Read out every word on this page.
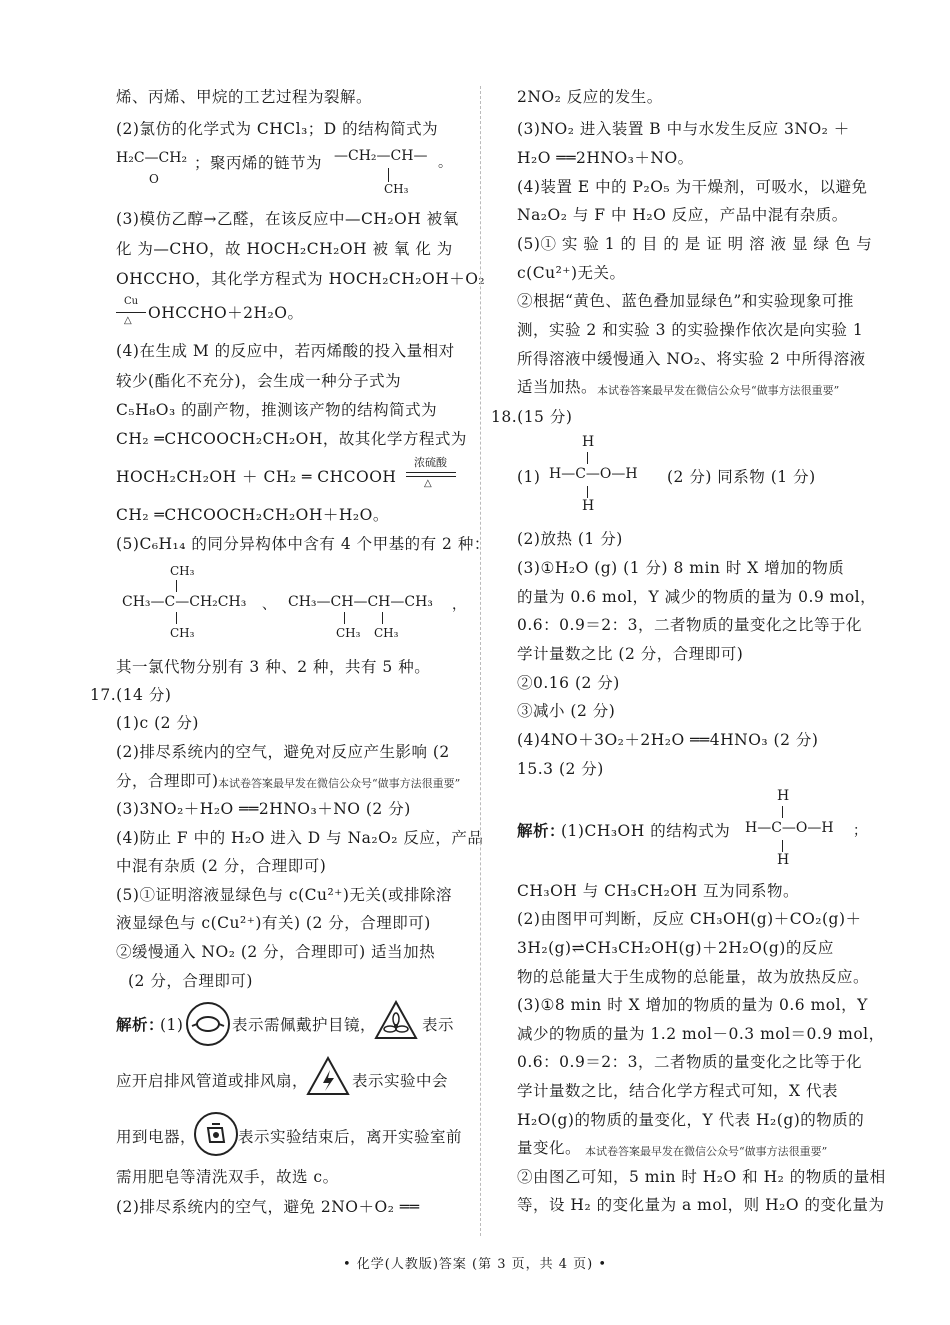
烯、丙烯、甲烷的工艺过程为裂解。
(2)氯仿的化学式为 CHCl₃；D 的结构简式为
H₂C—CH₂
O
；聚丙烯的链节为 —CH₂—CH—
CH₃
。
(3)模仿乙醇→乙醛，在该反应中—CH₂OH 被氧
化 为—CHO，故 HOCH₂CH₂OH 被 氧 化 为
OHCCHO，其化学方程式为 HOCH₂CH₂OH＋O₂
Cu
△ OHCCHO＋2H₂O。
(4)在生成 M 的反应中，若丙烯酸的投入量相对
较少(酯化不充分)，会生成一种分子式为
C₅H₈O₃ 的副产物，推测该产物的结构简式为
CH₂ ═CHCOOCH₂CH₂OH，故其化学方程式为
HOCH₂CH₂OH ＋ CH₂ ═ CHCOOH
浓硫酸
△
CH₂ ═CHCOOCH₂CH₂OH＋H₂O。
(5)C₆H₁₄ 的同分异构体中含有 4 个甲基的有 2 种：
CH₃
CH₃—C—CH₂CH₃
CH₃
、 CH₃—CH—CH—CH₃
CH₃ CH₃
，
其一氯代物分别有 3 种、2 种，共有 5 种。
17.(14 分)
(1)c (2 分)
(2)排尽系统内的空气，避免对反应产生影响 (2
分，合理即可) 本试卷答案最早发在微信公众号“做事方法很重要”
(3)3NO₂＋H₂O ══2HNO₃＋NO (2 分)
(4)防止 F 中的 H₂O 进入 D 与 Na₂O₂ 反应，产品
中混有杂质 (2 分，合理即可)
(5)①证明溶液显绿色与 c(Cu²⁺)无关(或排除溶
液显绿色与 c(Cu²⁺)有关) (2 分，合理即可)
②缓慢通入 NO₂ (2 分，合理即可) 适当加热
(2 分，合理即可)
解析：
(1)	表示需佩戴护目镜，	表示
应开启排风管道或排风扇，	表示实验中会
用到电器，	表示实验结束后，离开实验室前
需用肥皂等清洗双手，故选 c。
(2)排尽系统内的空气，避免 2NO＋O₂ ══
2NO₂ 反应的发生。
(3)NO₂ 进入装置 B 中与水发生反应 3NO₂ ＋
H₂O ══2HNO₃＋NO。
(4)装置 E 中的 P₂O₅ 为干燥剂，可吸水，以避免
Na₂O₂ 与 F 中 H₂O 反应，产品中混有杂质。
(5)① 实 验 1 的 目 的 是 证 明 溶 液 显 绿 色 与
c(Cu²⁺)无关。
②根据“黄色、蓝色叠加显绿色”和实验现象可推
测，实验 2 和实验 3 的实验操作依次是向实验 1
所得溶液中缓慢通入 NO₂、将实验 2 中所得溶液
适当加热。 本试卷答案最早发在微信公众号“做事方法很重要”
18.(15 分)
H
(1) H—C—O—H
H
(2 分) 同系物 (1 分)
(2)放热 (1 分)
(3)①H₂O (g) (1 分) 8 min 时 X 增加的物质
的量为 0.6 mol，Y 减少的物质的量为 0.9 mol，
0.6：0.9＝2：3，二者物质的量变化之比等于化
学计量数之比 (2 分，合理即可)
②0.16 (2 分)
③减小 (2 分)
(4)4NO＋3O₂＋2H₂O ══4HNO₃ (2 分)
15.3 (2 分)
H
解析：
(1)CH₃OH 的结构式为 H—C—O—H
H
；
CH₃OH 与 CH₃CH₂OH 互为同系物。
(2)由图甲可判断，反应 CH₃OH(g)＋CO₂(g)＋
3H₂(g)⇌CH₃CH₂OH(g)＋2H₂O(g)的反应
物的总能量大于生成物的总能量，故为放热反应。
(3)①8 min 时 X 增加的物质的量为 0.6 mol，Y
减少的物质的量为 1.2 mol－0.3 mol＝0.9 mol，
0.6：0.9＝2：3，二者物质的量变化之比等于化
学计量数之比，结合化学方程式可知，X 代表
H₂O(g)的物质的量变化，Y 代表 H₂(g)的物质的
量变化。 本试卷答案最早发在微信公众号“做事方法很重要”
②由图乙可知，5 min 时 H₂O 和 H₂ 的物质的量相
等，设 H₂ 的变化量为 a mol，则 H₂O 的变化量为
• 化学(人教版)答案 (第 3 页，共 4 页) •
